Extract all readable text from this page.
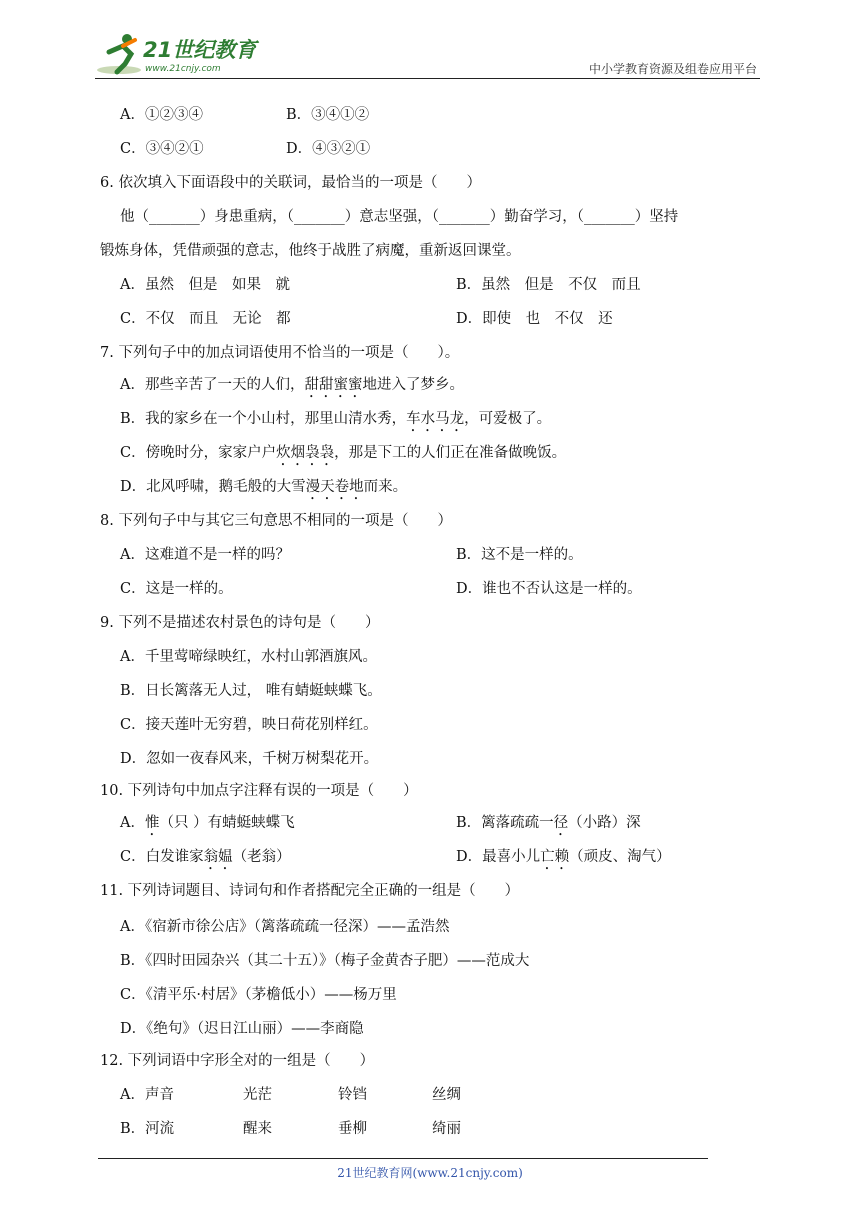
21世纪教育
www.21cnjy.com	中小学教育资源及组卷应用平台
A．①②③④	B．③④①②
C．③④②①	D．④③②①
6. 依次填入下面语段中的关联词，最恰当的一项是（　　）
他（_______）身患重病，（_______）意志坚强，（_______）勤奋学习，（_______）坚持
锻炼身体，凭借顽强的意志，他终于战胜了病魔，重新返回课堂。
A．虽然　但是　如果　就	B．虽然　但是　不仅　而且
C．不仅　而且　无论　都	D．即使　也　不仅　还
7. 下列句子中的加点词语使用不恰当的一项是（　　）。
A．那些辛苦了一天的人们，甜甜蜜蜜地进入了梦乡。
B．我的家乡在一个小山村，那里山清水秀，车水马龙，可爱极了。
C．傍晚时分，家家户户炊烟袅袅，那是下工的人们正在准备做晚饭。
D．北风呼啸，鹅毛般的大雪漫天卷地而来。
8. 下列句子中与其它三句意思不相同的一项是（　　）
A．这难道不是一样的吗？	B．这不是一样的。
C．这是一样的。	D．谁也不否认这是一样的。
9. 下列不是描述农村景色的诗句是（　　）
A．千里莺啼绿映红，水村山郭酒旗风。
B．日长篱落无人过， 唯有蜻蜓蛱蝶飞。
C．接天莲叶无穷碧，映日荷花别样红。
D．忽如一夜春风来，千树万树梨花开。
10. 下列诗句中加点字注释有误的一项是（　　）
A．惟（只 ）有蜻蜓蛱蝶飞	B．篱落疏疏一径（小路）深
C．白发谁家翁媪（老翁）	D．最喜小儿亡赖（顽皮、淘气）
11. 下列诗词题目、诗词句和作者搭配完全正确的一组是（　　）
A．《宿新市徐公店》（篱落疏疏一径深）——孟浩然
B．《四时田园杂兴（其二十五）》（梅子金黄杏子肥）——范成大
C．《清平乐·村居》（茅檐低小）——杨万里
D．《绝句》（迟日江山丽）——李商隐
12. 下列词语中字形全对的一组是（　　）
A．声音	光茫	铃铛	丝绸
B．河流	醒来	垂柳	绮丽
21世纪教育网(www.21cnjy.com)
